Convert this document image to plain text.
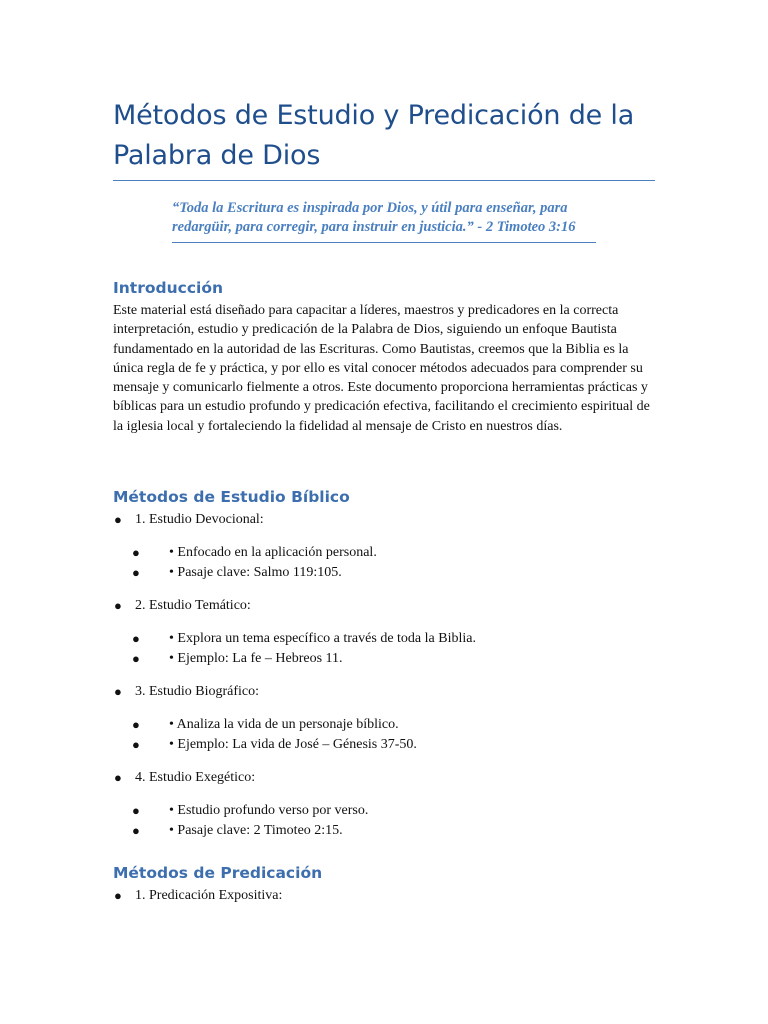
Métodos de Estudio y Predicación de la Palabra de Dios

“Toda la Escritura es inspirada por Dios, y útil para enseñar, para redargüir, para corregir, para instruir en justicia.” - 2 Timoteo 3:16

Introducción

Este material está diseñado para capacitar a líderes, maestros y predicadores en la correcta interpretación, estudio y predicación de la Palabra de Dios, siguiendo un enfoque Bautista fundamentado en la autoridad de las Escrituras. Como Bautistas, creemos que la Biblia es la única regla de fe y práctica, y por ello es vital conocer métodos adecuados para comprender su mensaje y comunicarlo fielmente a otros. Este documento proporciona herramientas prácticas y bíblicas para un estudio profundo y predicación efectiva, facilitando el crecimiento espiritual de la iglesia local y fortaleciendo la fidelidad al mensaje de Cristo en nuestros días.

Métodos de Estudio Bíblico
● 1. Estudio Devocional:
● • Enfocado en la aplicación personal.
● • Pasaje clave: Salmo 119:105.
● 2. Estudio Temático:
● • Explora un tema específico a través de toda la Biblia.
● • Ejemplo: La fe – Hebreos 11.
● 3. Estudio Biográfico:
● • Analiza la vida de un personaje bíblico.
● • Ejemplo: La vida de José – Génesis 37-50.
● 4. Estudio Exegético:
● • Estudio profundo verso por verso.
● • Pasaje clave: 2 Timoteo 2:15.
Métodos de Predicación
● 1. Predicación Expositiva:
